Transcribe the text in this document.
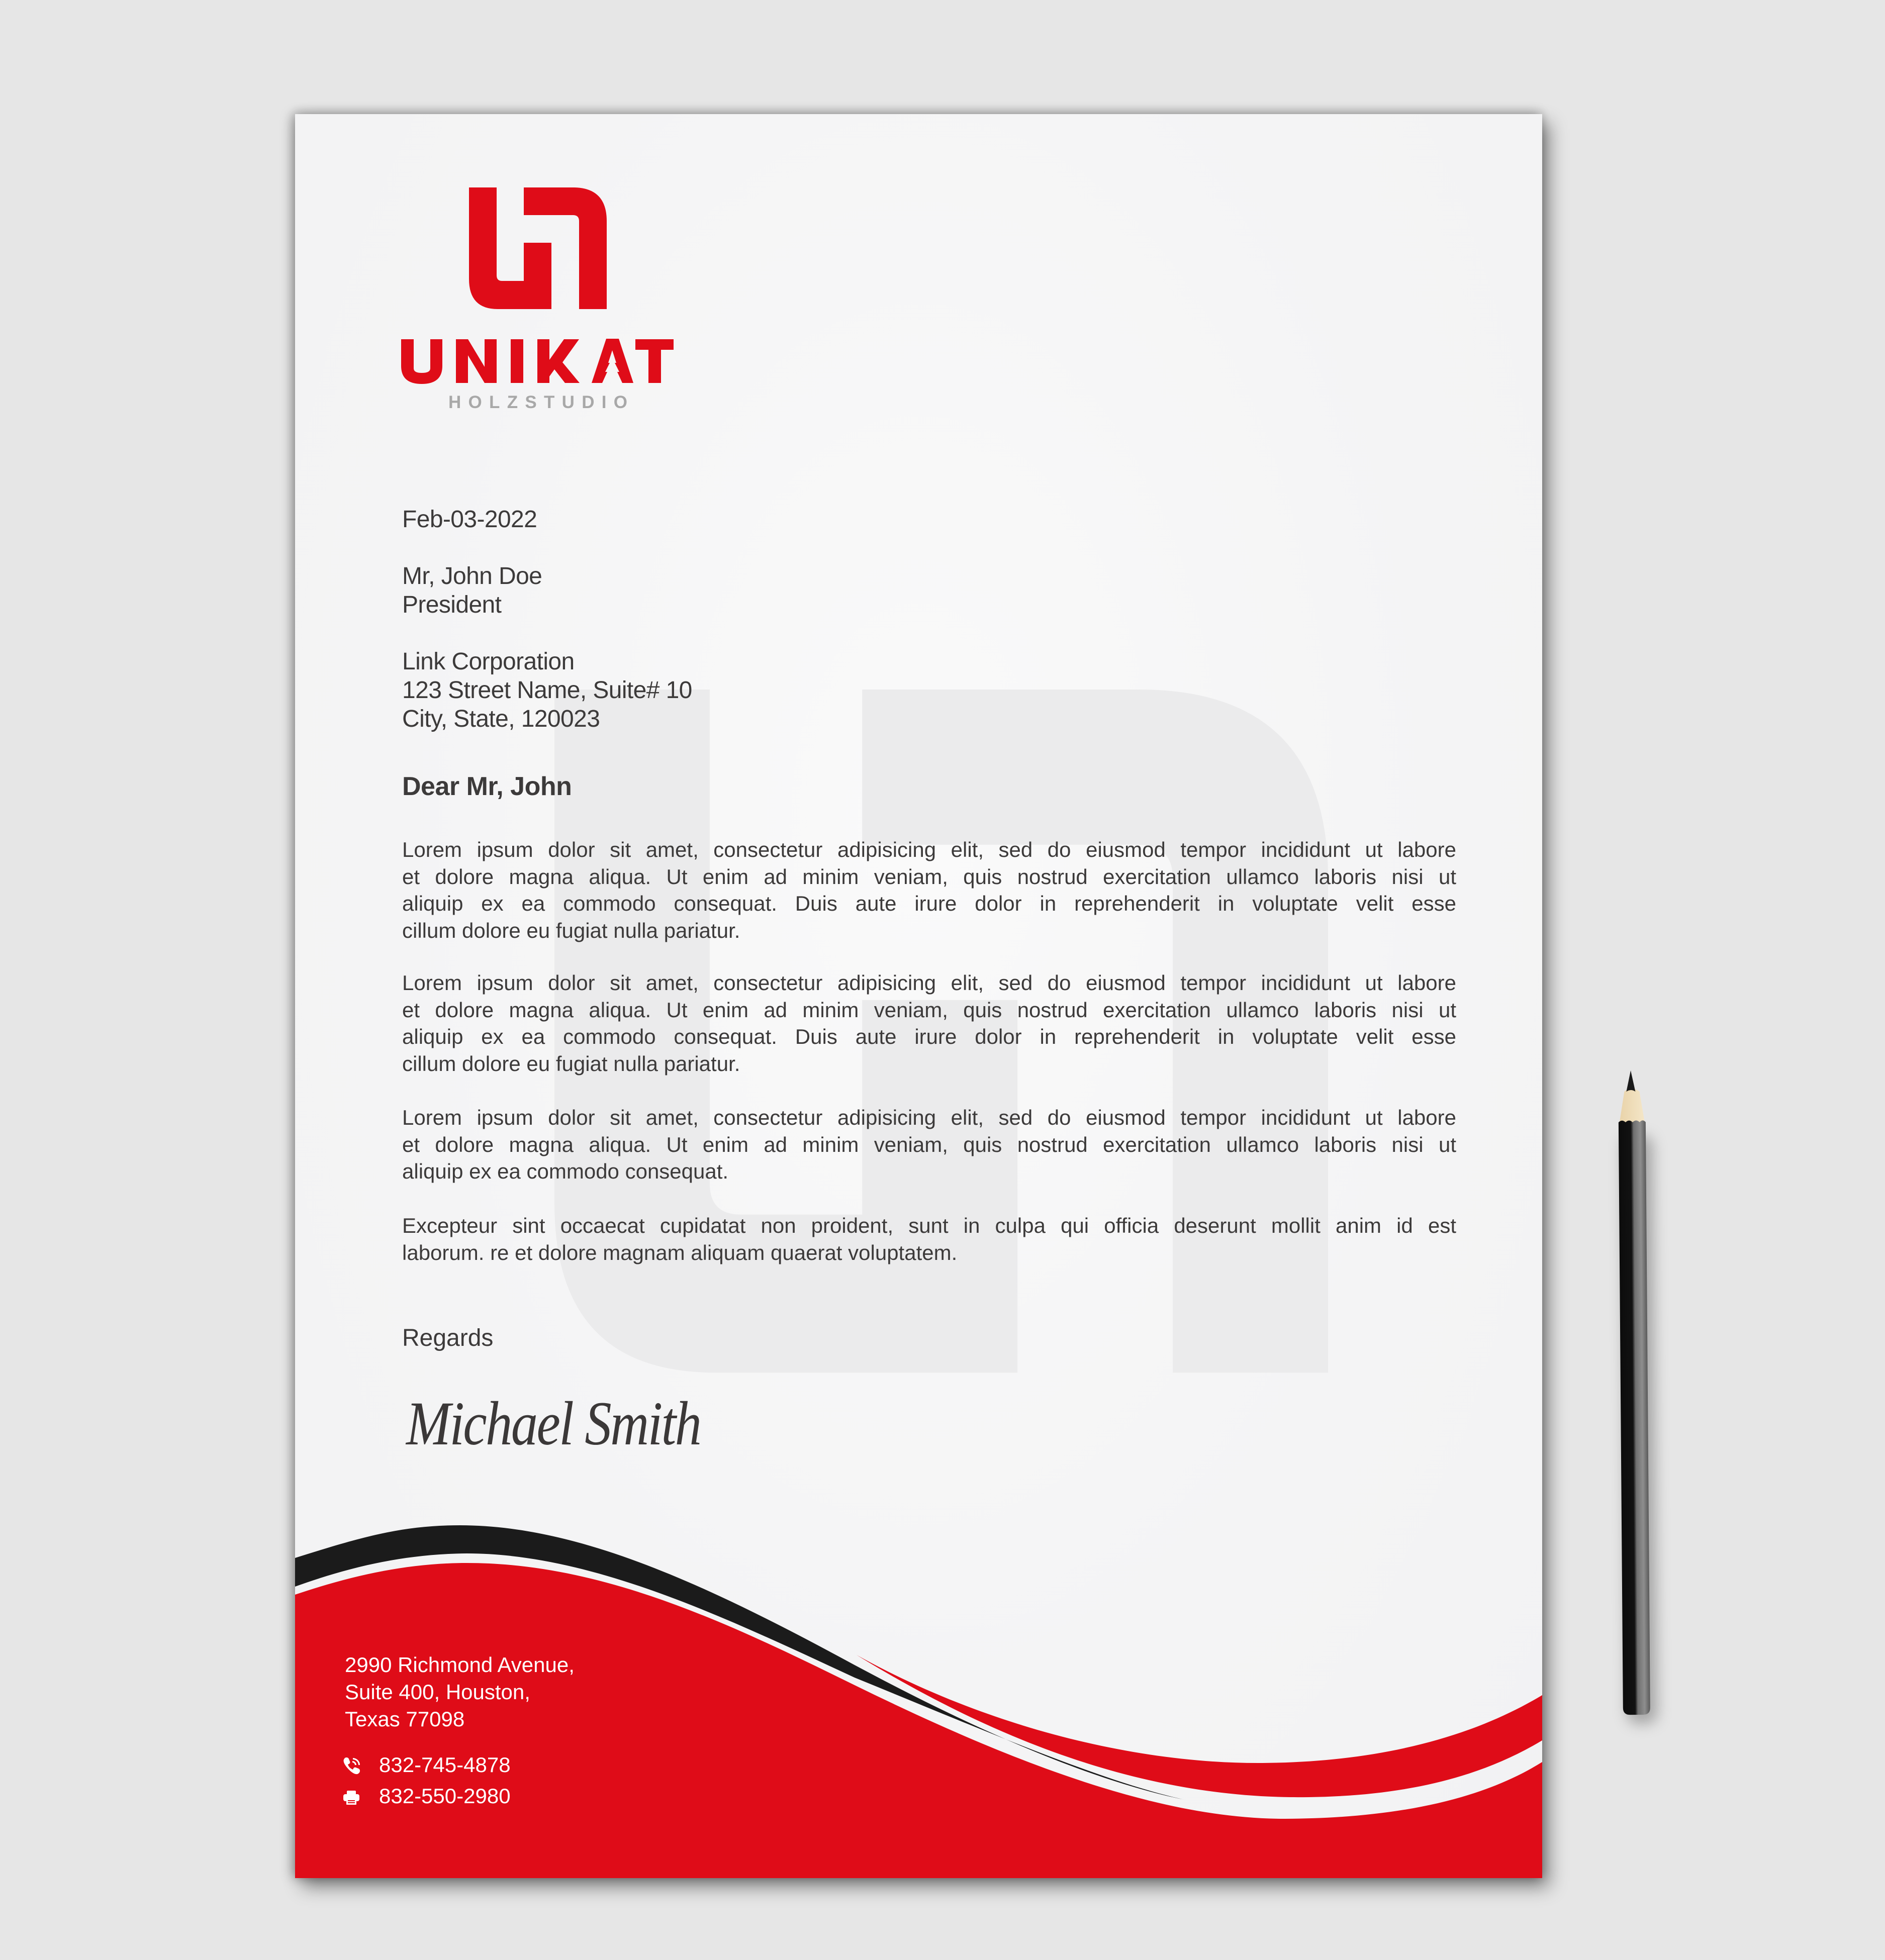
HOLZSTUDIO
Feb-03-2022
Mr, John Doe
President
Link Corporation
123 Street Name, Suite# 10
City, State, 120023
Dear Mr, John
Lorem ipsum dolor sit amet, consectetur adipisicing elit, sed do eiusmod tempor incididunt ut labore
et dolore magna aliqua. Ut enim ad minim veniam, quis nostrud exercitation ullamco laboris nisi ut
aliquip ex ea commodo consequat. Duis aute irure dolor in reprehenderit in voluptate velit esse
cillum dolore eu fugiat nulla pariatur.
Lorem ipsum dolor sit amet, consectetur adipisicing elit, sed do eiusmod tempor incididunt ut labore
et dolore magna aliqua. Ut enim ad minim veniam, quis nostrud exercitation ullamco laboris nisi ut
aliquip ex ea commodo consequat. Duis aute irure dolor in reprehenderit in voluptate velit esse
cillum dolore eu fugiat nulla pariatur.
Lorem ipsum dolor sit amet, consectetur adipisicing elit, sed do eiusmod tempor incididunt ut labore
et dolore magna aliqua. Ut enim ad minim veniam, quis nostrud exercitation ullamco laboris nisi ut
aliquip ex ea commodo consequat.
Excepteur sint occaecat cupidatat non proident, sunt in culpa qui officia deserunt mollit anim id est
laborum. re et dolore magnam aliquam quaerat voluptatem.
Regards
Michael Smith
2990 Richmond Avenue,
Suite 400, Houston,
Texas 77098
832-745-4878
832-550-2980
